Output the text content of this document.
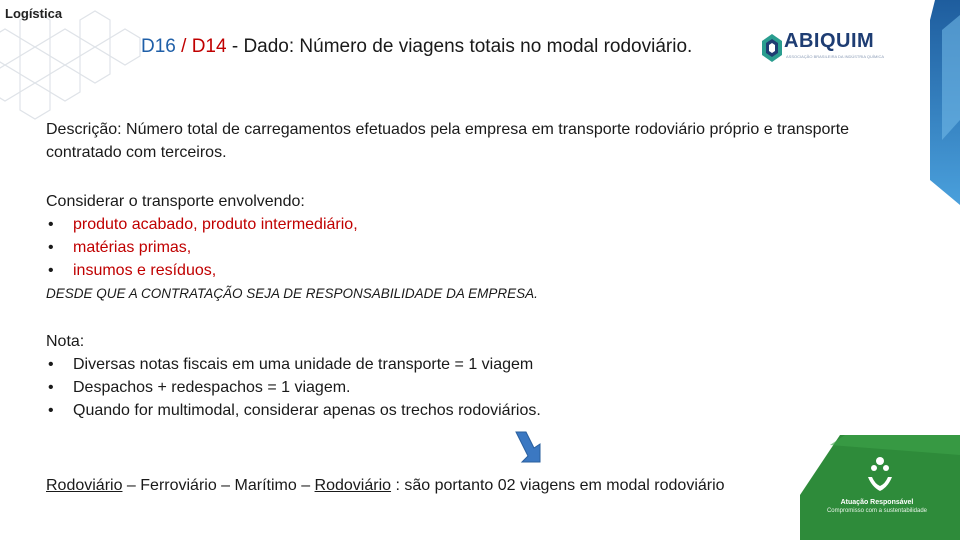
Logística
D16 / D14 - Dado: Número de viagens totais no modal rodoviário.	ABIQUIM
ASSOCIAÇÃO BRASILEIRA DA INDÚSTRIA QUÍMICA
Descrição: Número total de carregamentos efetuados pela empresa em transporte rodoviário próprio e transporte contratado com terceiros.
Considerar o transporte envolvendo:
• produto acabado, produto intermediário,
• matérias primas,
• insumos e resíduos,
DESDE QUE A CONTRATAÇÃO SEJA DE RESPONSABILIDADE DA EMPRESA.
Nota:
• Diversas notas fiscais em uma unidade de transporte = 1 viagem
• Despachos + redespachos = 1 viagem.
• Quando for multimodal, considerar apenas os trechos rodoviários.
Rodoviário – Ferroviário – Marítimo – Rodoviário : são portanto 02 viagens em modal rodoviário
Atuação Responsável
Compromisso com a sustentabilidade
